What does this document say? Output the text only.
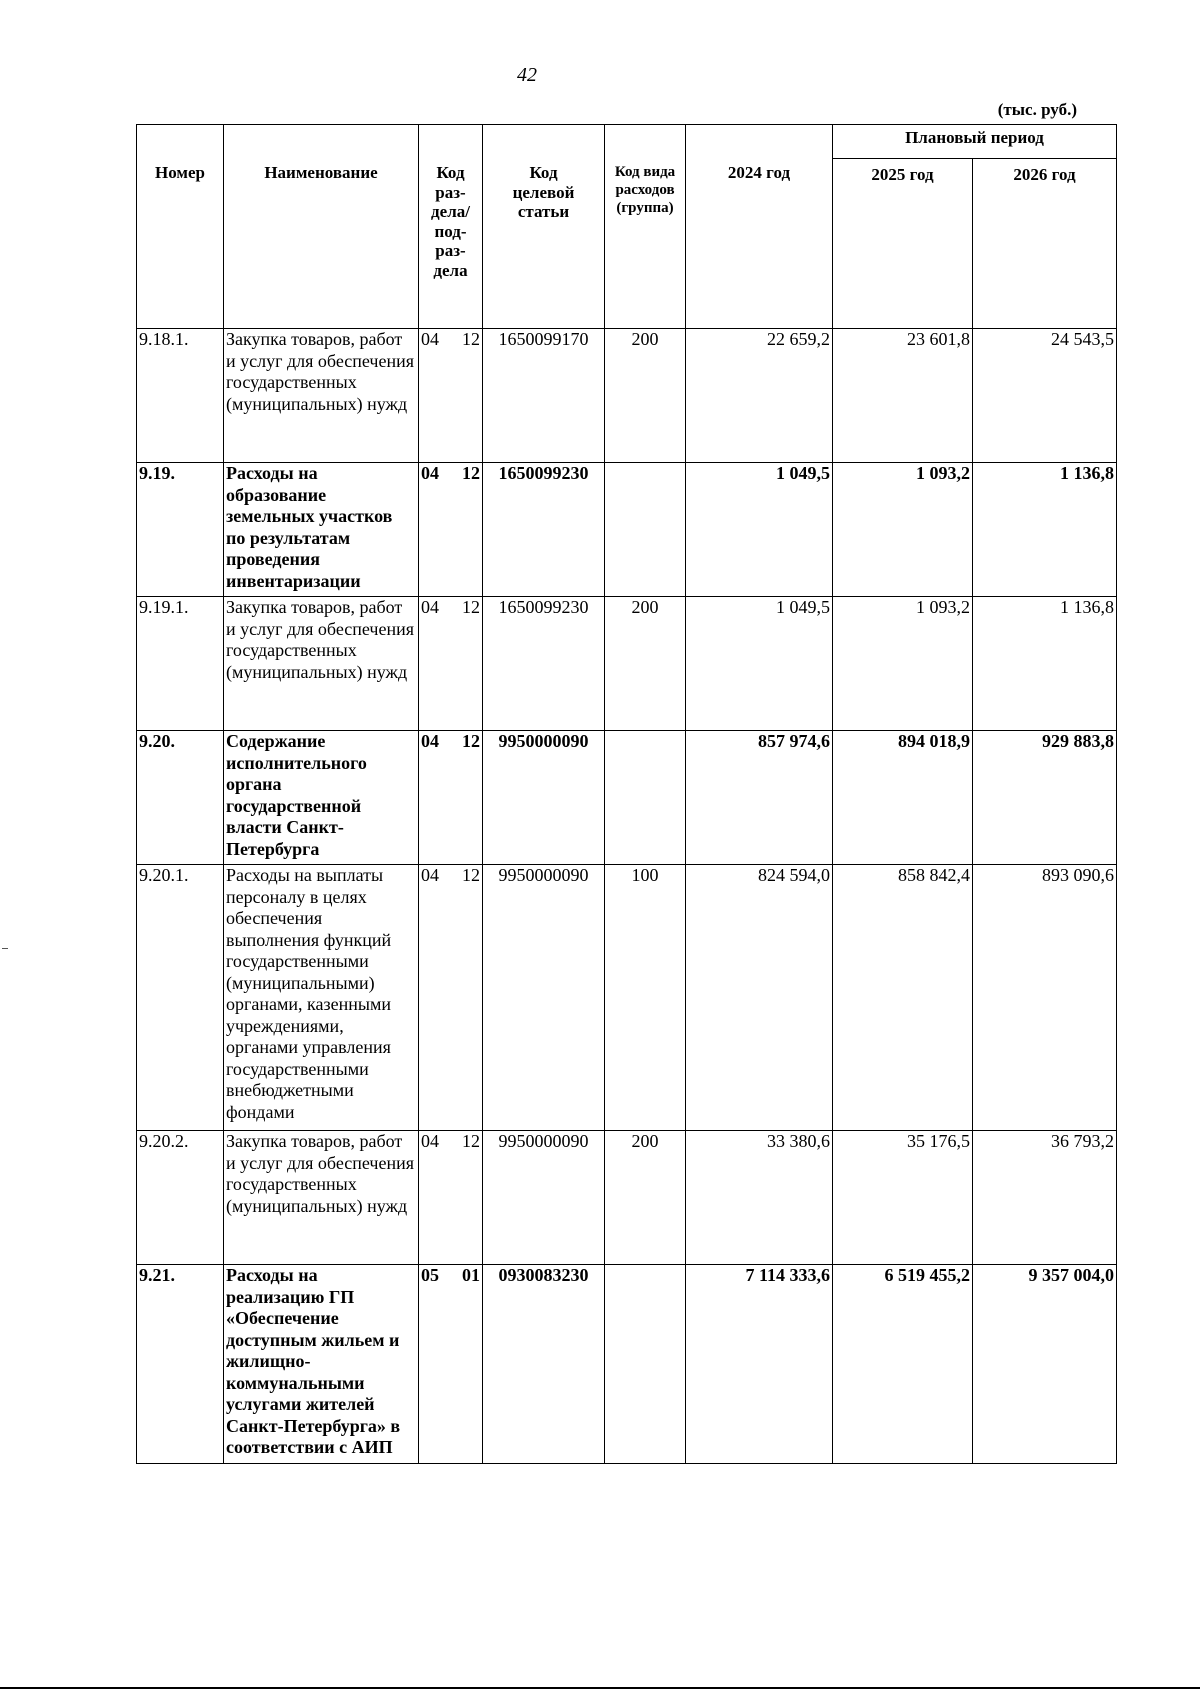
42
(тыс. руб.)
Номер	Наименование	Код раз-дела/ под-раз-дела	Код целевой статьи	Код вида расходов (группа)	2024 год	Плановый период	
						2025 год	2026 год
9.18.1.	Закупка товаров, работ и услуг для обеспечения государственных (муниципальных) нужд	04 12	1650099170	200	22 659,2	23 601,8	24 543,5
9.19.	Расходы на образование земельных участков по результатам проведения инвентаризации	04 12	1650099230		1 049,5	1 093,2	1 136,8
9.19.1.	Закупка товаров, работ и услуг для обеспечения государственных (муниципальных) нужд	04 12	1650099230	200	1 049,5	1 093,2	1 136,8
9.20.	Содержание исполнительного органа государственной власти Санкт-Петербурга	04 12	9950000090		857 974,6	894 018,9	929 883,8
9.20.1.	Расходы на выплаты персоналу в целях обеспечения выполнения функций государственными (муниципальными) органами, казенными учреждениями, органами управления государственными внебюджетными фондами	04 12	9950000090	100	824 594,0	858 842,4	893 090,6
9.20.2.	Закупка товаров, работ и услуг для обеспечения государственных (муниципальных) нужд	04 12	9950000090	200	33 380,6	35 176,5	36 793,2
9.21.	Расходы на реализацию ГП «Обеспечение доступным жильем и жилищно-коммунальными услугами жителей Санкт-Петербурга» в соответствии с АИП	05 01	0930083230		7 114 333,6	6 519 455,2	9 357 004,0
